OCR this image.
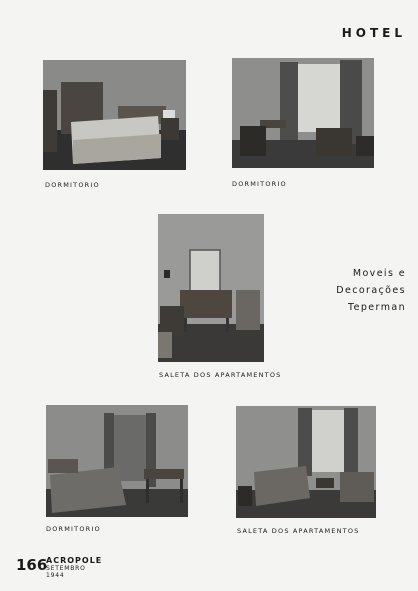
HOTEL
DORMITORIO	DORMITORIO
SALETA DOS APARTAMENTOS
Moveis e
Decorações
Teperman
DORMITORIO	SALETA DOS APARTAMENTOS
166
ACROPOLE
SETEMBRO 1944
